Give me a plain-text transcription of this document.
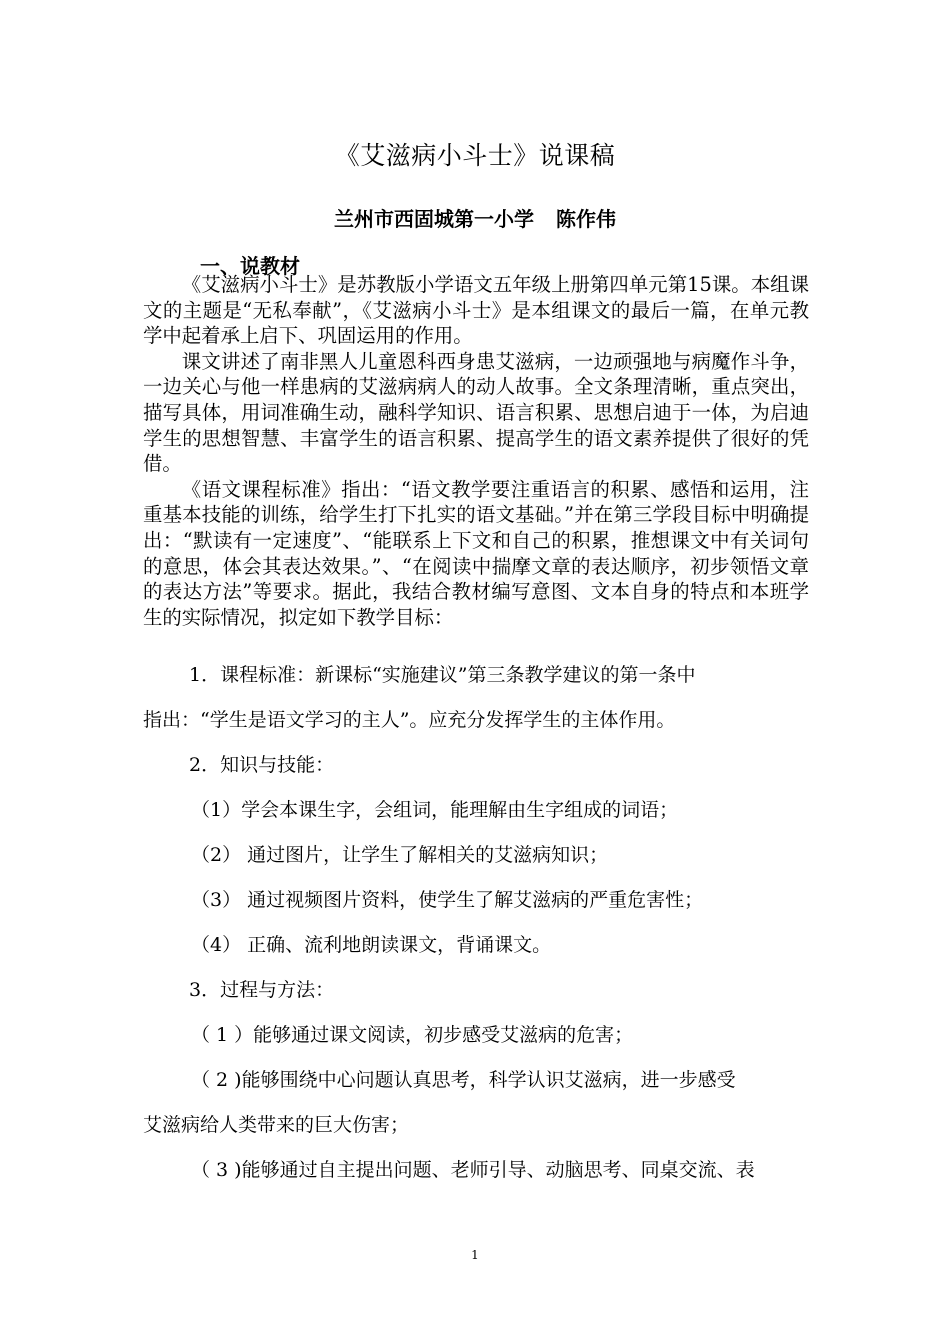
《艾滋病小斗士》说课稿
兰州市西固城第一小学 陈作伟
一、说教材

《艾滋病小斗士》是苏教版小学语文五年级上册第四单元第15课。本组课文的主题是“无私奉献”，《艾滋病小斗士》是本组课文的最后一篇，在单元教学中起着承上启下、巩固运用的作用。

课文讲述了南非黑人儿童恩科西身患艾滋病，一边顽强地与病魔作斗争，一边关心与他一样患病的艾滋病病人的动人故事。全文条理清晰，重点突出，描写具体，用词准确生动，融科学知识、语言积累、思想启迪于一体，为启迪学生的思想智慧、丰富学生的语言积累、提高学生的语文素养提供了很好的凭借。

《语文课程标准》指出：“语文教学要注重语言的积累、感悟和运用，注重基本技能的训练，给学生打下扎实的语文基础。”并在第三学段目标中明确提出：“默读有一定速度”、“能联系上下文和自己的积累，推想课文中有关词句的意思，体会其表达效果。”、“在阅读中揣摩文章的表达顺序，初步领悟文章的表达方法”等要求。据此，我结合教材编写意图、文本自身的特点和本班学生的实际情况，拟定如下教学目标：

1．课程标准：新课标“实施建议”第三条教学建议的第一条中
指出：“学生是语文学习的主人”。应充分发挥学生的主体作用。
2．知识与技能：
（1）学会本课生字，会组词，能理解由生字组成的词语；
（2） 通过图片，让学生了解相关的艾滋病知识；
（3） 通过视频图片资料，使学生了解艾滋病的严重危害性；
（4） 正确、流利地朗读课文，背诵课文。
3．过程与方法：
（ 1 ）能够通过课文阅读，初步感受艾滋病的危害；
（ 2 )能够围绕中心问题认真思考，科学认识艾滋病，进一步感受
艾滋病给人类带来的巨大伤害；
（ 3 )能够通过自主提出问题、老师引导、动脑思考、同桌交流、表
1
